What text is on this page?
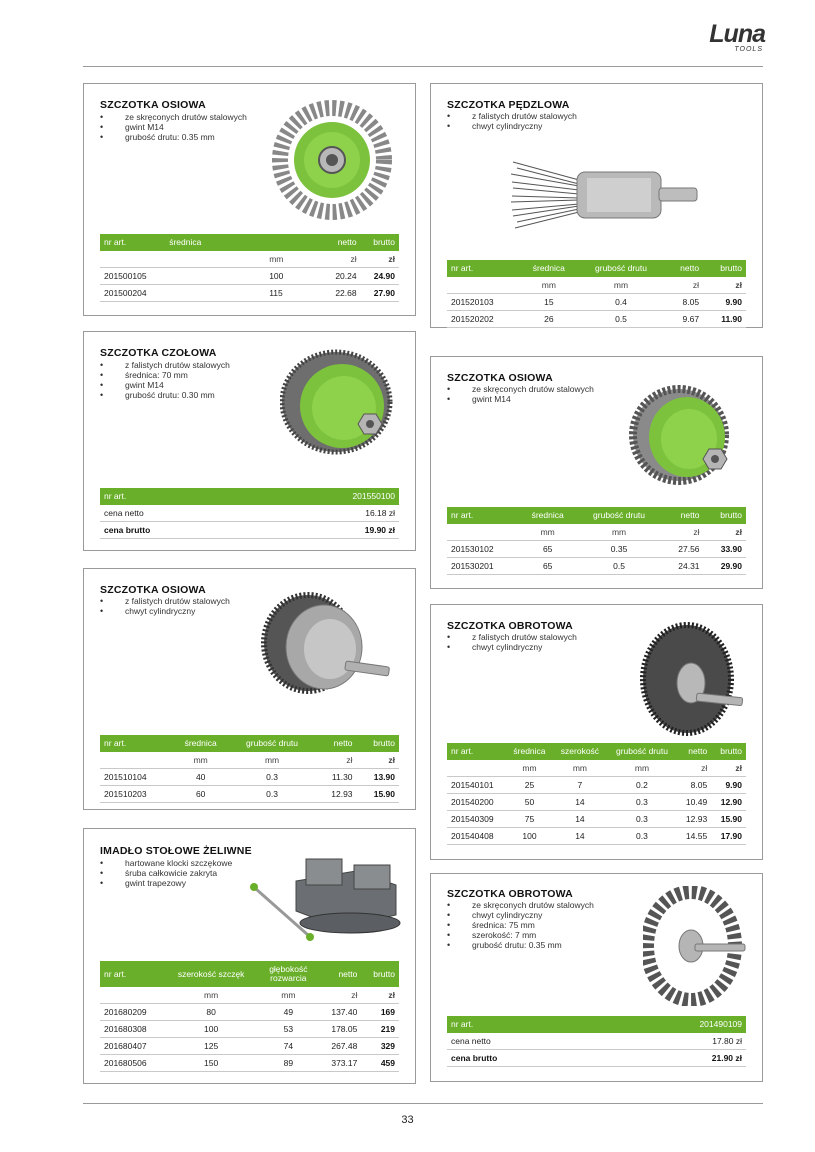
Luna
TOOLS
SZCZOTKA OSIOWA
• ze skręconych drutów stalowych
• gwint M14
• grubość drutu: 0.35 mm
nr art.	średnica	netto	brutto
	mm	zł	zł
201500105	100	20.24	24.90
201500204	115	22.68	27.90
SZCZOTKA PĘDZLOWA
• z falistych drutów stalowych
• chwyt cylindryczny
nr art.	średnica	grubość drutu	netto	brutto
	mm	mm	zł	zł
201520103	15	0.4	8.05	9.90
201520202	26	0.5	9.67	11.90
SZCZOTKA CZOŁOWA
• z falistych drutów stalowych
• średnica: 70 mm
• gwint M14
• grubość drutu: 0.30 mm
nr art.	201550100
cena netto	16.18 zł
cena brutto	19.90 zł
SZCZOTKA OSIOWA
• ze skręconych drutów stalowych
• gwint M14
nr art.	średnica	grubość drutu	netto	brutto
	mm	mm	zł	zł
201530102	65	0.35	27.56	33.90
201530201	65	0.5	24.31	29.90
SZCZOTKA OSIOWA
• z falistych drutów stalowych
• chwyt cylindryczny
nr art.	średnica	grubość drutu	netto	brutto
	mm	mm	zł	zł
201510104	40	0.3	11.30	13.90
201510203	60	0.3	12.93	15.90
SZCZOTKA OBROTOWA
• z falistych drutów stalowych
• chwyt cylindryczny
nr art.	średnica	szerokość	grubość drutu	netto	brutto
	mm	mm	mm	zł	zł
201540101	25	7	0.2	8.05	9.90
201540200	50	14	0.3	10.49	12.90
201540309	75	14	0.3	12.93	15.90
201540408	100	14	0.3	14.55	17.90
IMADŁO STOŁOWE ŻELIWNE
• hartowane klocki szczękowe
• śruba całkowicie zakryta
• gwint trapezowy
nr art.	szerokość szczęk	głębokość rozwarcia	netto	brutto
	mm	mm	zł	zł
201680209	80	49	137.40	169
201680308	100	53	178.05	219
201680407	125	74	267.48	329
201680506	150	89	373.17	459
SZCZOTKA OBROTOWA
• ze skręconych drutów stalowych
• chwyt cylindryczny
• średnica: 75 mm
• szerokość: 7 mm
• grubość drutu: 0.35 mm
nr art.	201490109
cena netto	17.80 zł
cena brutto	21.90 zł
33
